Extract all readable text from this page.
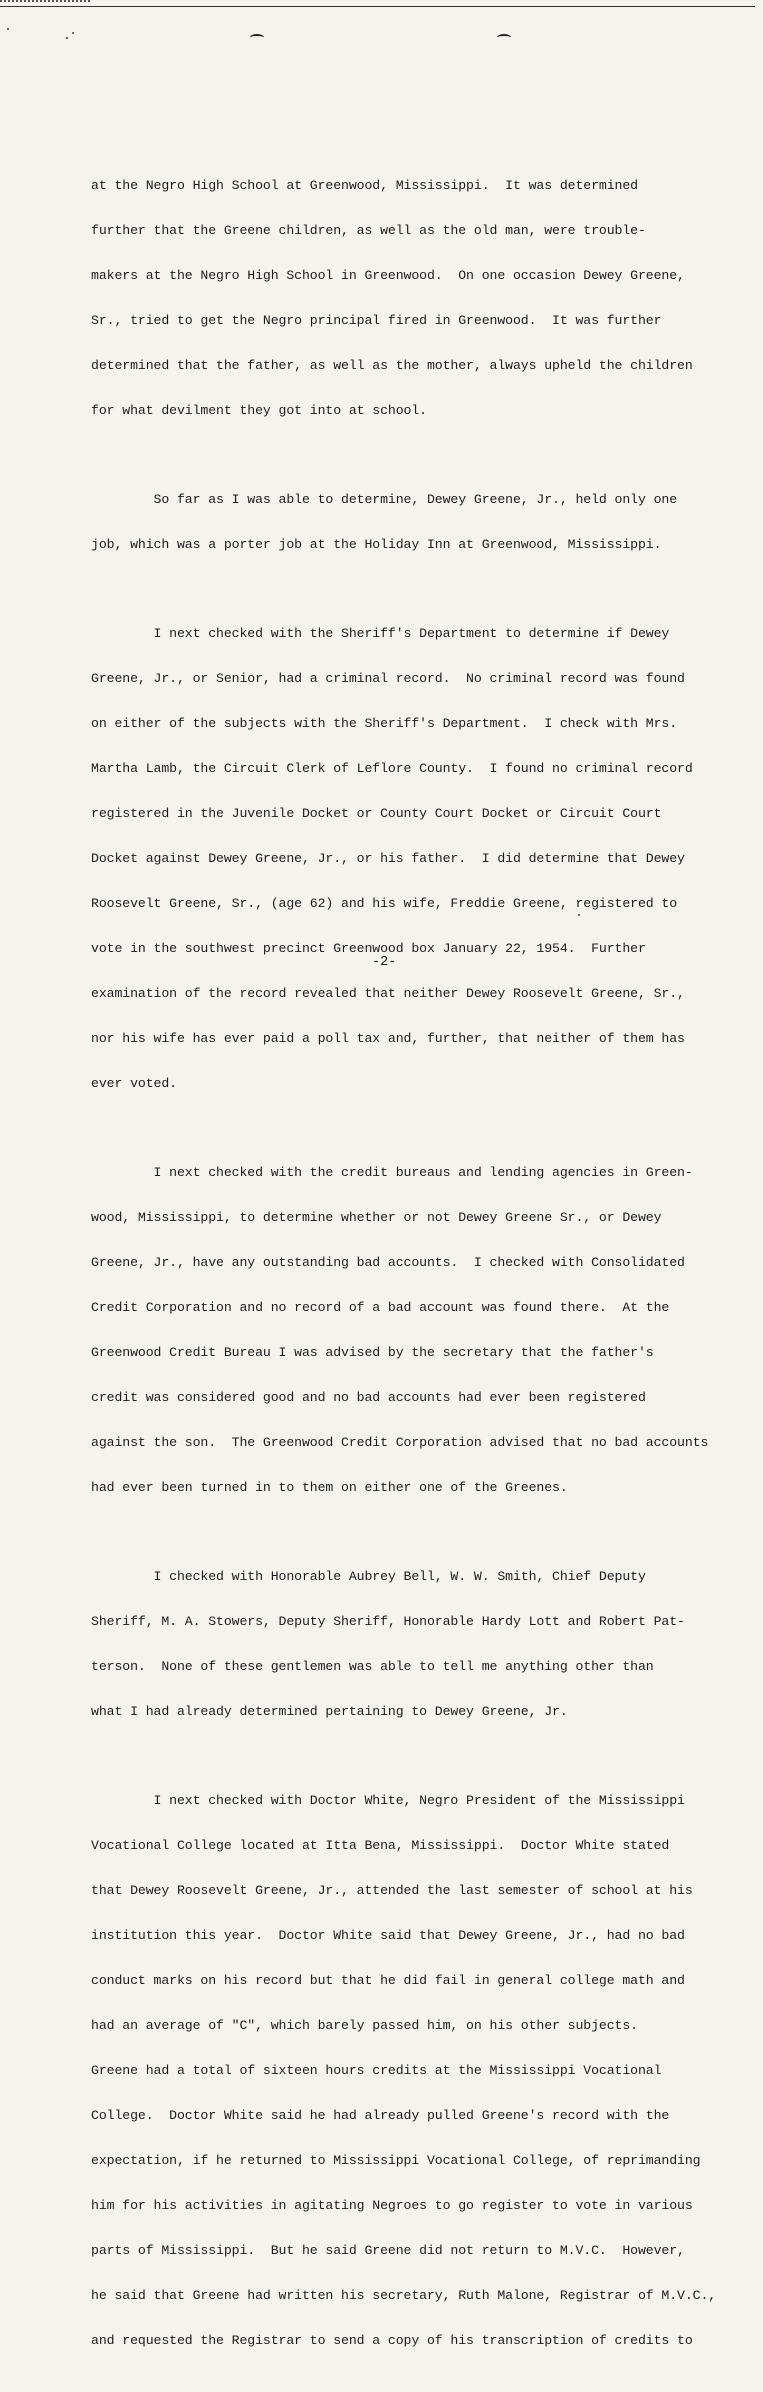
at the Negro High School at Greenwood, Mississippi.  It was determined

further that the Greene children, as well as the old man, were trouble-

makers at the Negro High School in Greenwood.  On one occasion Dewey Greene,

Sr., tried to get the Negro principal fired in Greenwood.  It was further

determined that the father, as well as the mother, always upheld the children

for what devilment they got into at school.

So far as I was able to determine, Dewey Greene, Jr., held only one

job, which was a porter job at the Holiday Inn at Greenwood, Mississippi.

I next checked with the Sheriff's Department to determine if Dewey

Greene, Jr., or Senior, had a criminal record.  No criminal record was found

on either of the subjects with the Sheriff's Department.  I check with Mrs.

Martha Lamb, the Circuit Clerk of Leflore County.  I found no criminal record

registered in the Juvenile Docket or County Court Docket or Circuit Court

Docket against Dewey Greene, Jr., or his father.  I did determine that Dewey

Roosevelt Greene, Sr., (age 62) and his wife, Freddie Greene, registered to

vote in the southwest precinct Greenwood box January 22, 1954.  Further

examination of the record revealed that neither Dewey Roosevelt Greene, Sr.,

nor his wife has ever paid a poll tax and, further, that neither of them has

ever voted.

I next checked with the credit bureaus and lending agencies in Green-

wood, Mississippi, to determine whether or not Dewey Greene Sr., or Dewey

Greene, Jr., have any outstanding bad accounts.  I checked with Consolidated

Credit Corporation and no record of a bad account was found there.  At the

Greenwood Credit Bureau I was advised by the secretary that the father's

credit was considered good and no bad accounts had ever been registered

against the son.  The Greenwood Credit Corporation advised that no bad accounts

had ever been turned in to them on either one of the Greenes.

I checked with Honorable Aubrey Bell, W. W. Smith, Chief Deputy

Sheriff, M. A. Stowers, Deputy Sheriff, Honorable Hardy Lott and Robert Pat-

terson.  None of these gentlemen was able to tell me anything other than

what I had already determined pertaining to Dewey Greene, Jr.

I next checked with Doctor White, Negro President of the Mississippi

Vocational College located at Itta Bena, Mississippi.  Doctor White stated

that Dewey Roosevelt Greene, Jr., attended the last semester of school at his

institution this year.  Doctor White said that Dewey Greene, Jr., had no bad

conduct marks on his record but that he did fail in general college math and

had an average of "C", which barely passed him, on his other subjects.

Greene had a total of sixteen hours credits at the Mississippi Vocational

College.  Doctor White said he had already pulled Greene's record with the

expectation, if he returned to Mississippi Vocational College, of reprimanding

him for his activities in agitating Negroes to go register to vote in various

parts of Mississippi.  But he said Greene did not return to M.V.C.  However,

he said that Greene had written his secretary, Ruth Malone, Registrar of M.V.C.,

and requested the Registrar to send a copy of his transcription of credits to

-2-
